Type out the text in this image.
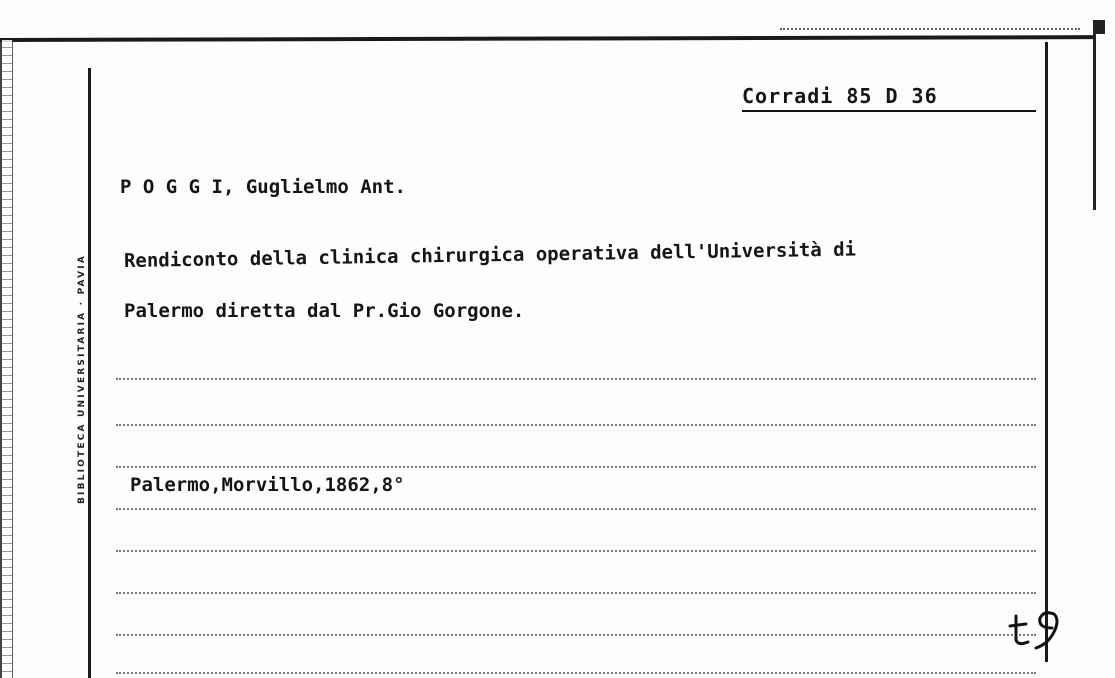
BIBLIOTECA UNIVERSITARIA · PAVIA
Corradi 85 D 36
P O G G I, Guglielmo Ant.
Rendiconto della clinica chirurgica operativa dell'Università di
Palermo diretta dal Pr.Gio Gorgone.
Palermo,Morvillo,1862,8°
